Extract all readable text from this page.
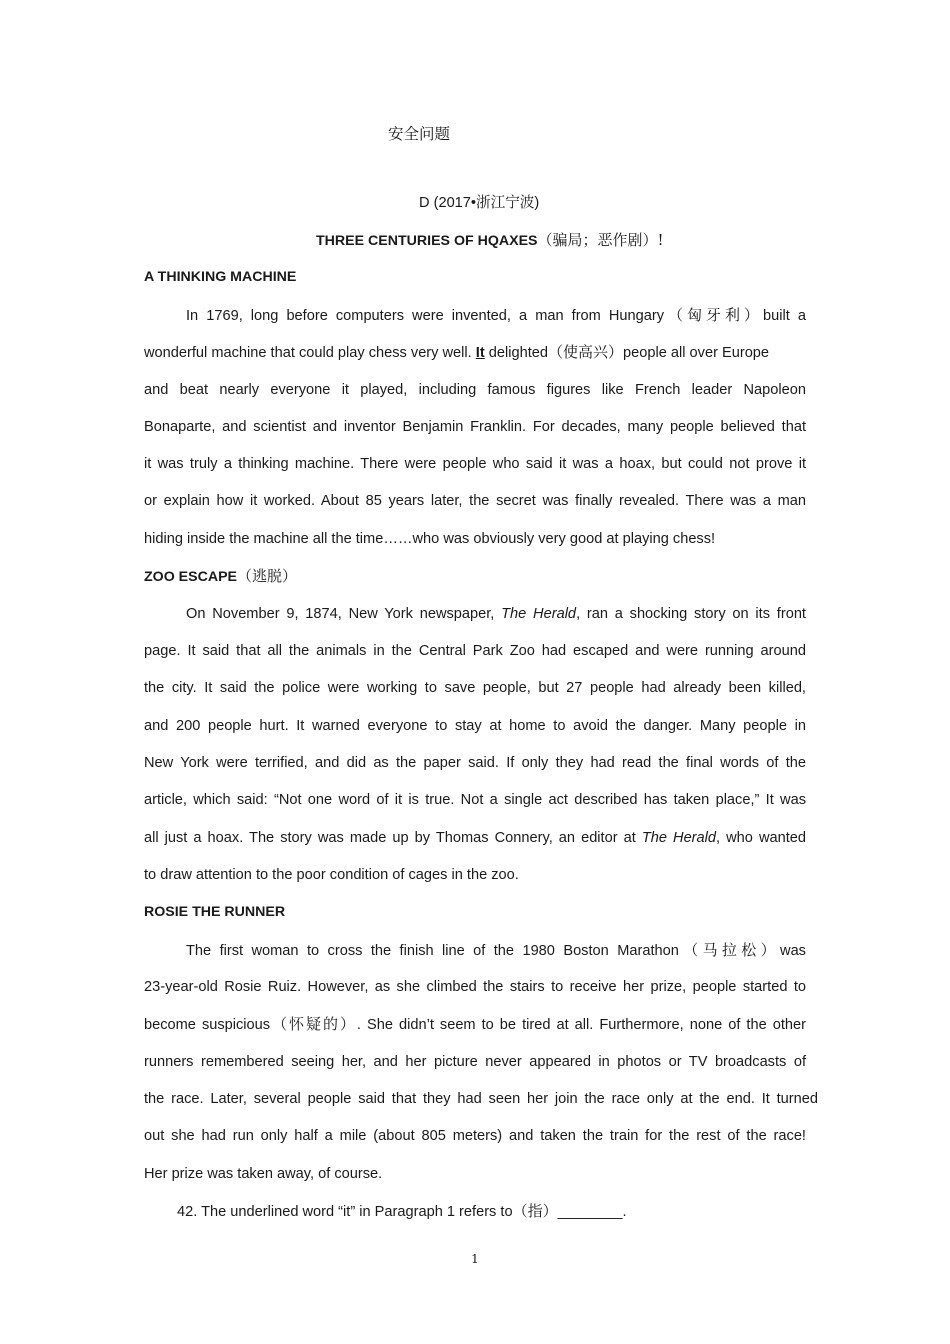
安全问题
D (2017•浙江宁波)
THREE CENTURIES OF HQAXES（骗局；恶作剧）!
A THINKING MACHINE
In 1769, long before computers were invented, a man from Hungary（匈牙利）built a
wonderful machine that could play chess very well. It delighted（使高兴）people all over Europe
and beat nearly everyone it played, including famous figures like French leader Napoleon
Bonaparte, and scientist and inventor Benjamin Franklin. For decades, many people believed that
it was truly a thinking machine. There were people who said it was a hoax, but could not prove it
or explain how it worked. About 85 years later, the secret was finally revealed. There was a man
hiding inside the machine all the time……who was obviously very good at playing chess!
ZOO ESCAPE（逃脱）
On November 9, 1874, New York newspaper, The Herald, ran a shocking story on its front
page. It said that all the animals in the Central Park Zoo had escaped and were running around
the city. It said the police were working to save people, but 27 people had already been killed,
and 200 people hurt. It warned everyone to stay at home to avoid the danger. Many people in
New York were terrified, and did as the paper said. If only they had read the final words of the
article, which said: “Not one word of it is true. Not a single act described has taken place,” It was
all just a hoax. The story was made up by Thomas Connery, an editor at The Herald, who wanted
to draw attention to the poor condition of cages in the zoo.
ROSIE THE RUNNER
The first woman to cross the finish line of the 1980 Boston Marathon（马拉松）was
23-year-old Rosie Ruiz. However, as she climbed the stairs to receive her prize, people started to
become suspicious（怀疑的）. She didn’t seem to be tired at all. Furthermore, none of the other
runners remembered seeing her, and her picture never appeared in photos or TV broadcasts of
the race. Later, several people said that they had seen her join the race only at the end. It turned
out she had run only half a mile (about 805 meters) and taken the train for the rest of the race!
Her prize was taken away, of course.
42. The underlined word “it” in Paragraph 1 refers to（指）________.
1
